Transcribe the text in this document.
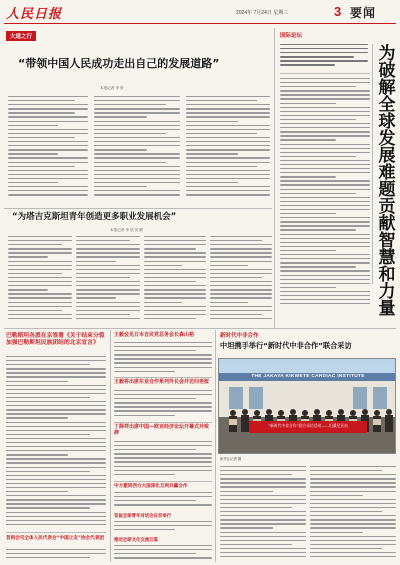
人民日报	2024年 7月24日 星期三	3 要闻
大道之行
“带领中国人民成功走出自己的发展道路”
本报记者 李 欣
国际论坛
为破解全球发展难题贡献智慧和力量
“为塔吉克斯坦青年创造更多职业发展机会”
本报记者 李 欣 吴 刚
巴勒斯坦各派在京签署《关于结束分裂加强巴勒斯坦民族团结的北京宣言》
首相会见全体人民代表会“中国之友”协会代表团
王毅会见日本自民党总务会长森山裕
王毅将出席东亚合作系列外长会并访问老挝
丁薛祥出席中国—欧亚经济论坛开幕式并致辞
中方愿同西方大国深化互利共赢合作
首届全球青年对话会在京举行
推动全球文化交流互鉴
新时代中非合作
中坦携手举行“新时代中非合作”联合采访
THE JAKAYA KIKWETE CARDIAC INSTITUTE
“新时代中非合作”联合采访活动——坦桑尼亚站
新华社记者 摄
